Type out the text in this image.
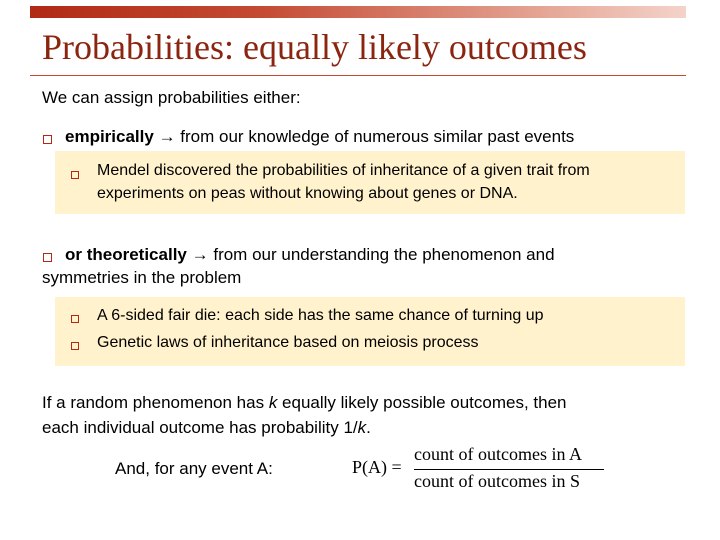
Probabilities: equally likely outcomes
We can assign probabilities either:
empirically → from our knowledge of numerous similar past events
Mendel discovered the probabilities of inheritance of a given trait from
experiments on peas without knowing about genes or DNA.
or theoretically → from our understanding the phenomenon and
symmetries in the problem
A 6-sided fair die: each side has the same chance of turning up
Genetic laws of inheritance based on meiosis process
If a random phenomenon has k equally likely possible outcomes, then
each individual outcome has probability 1/k.
And, for any event A:	P(A) =
count of outcomes in A
count of outcomes in S
